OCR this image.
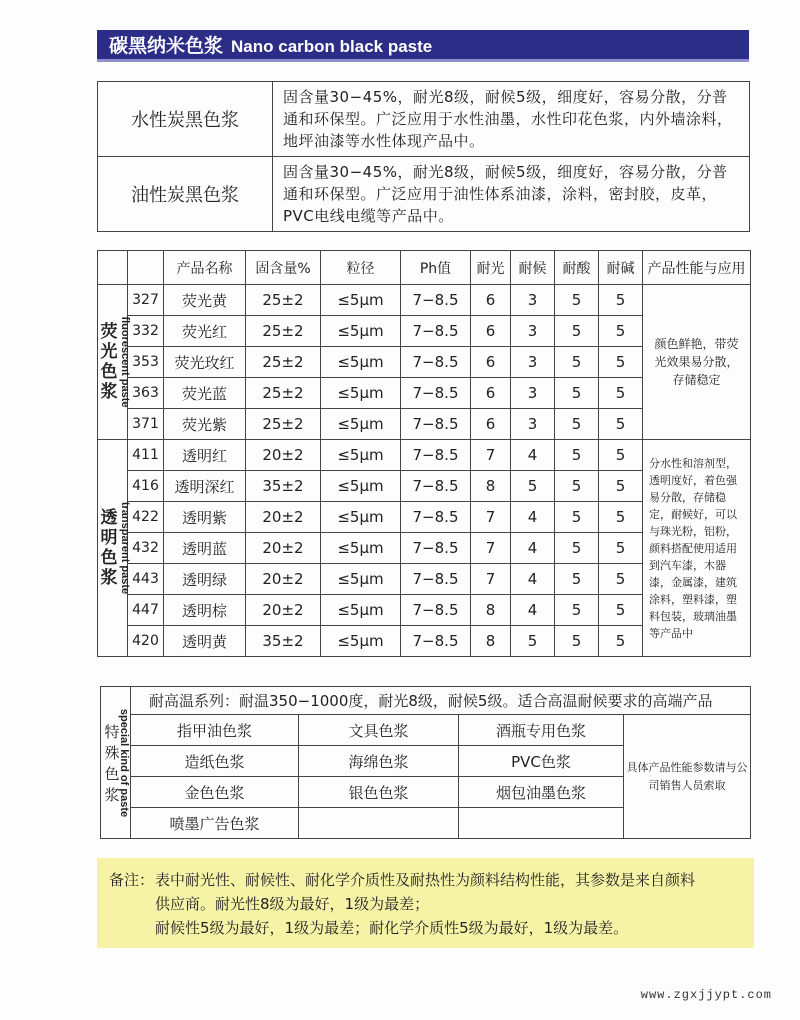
碳黑纳米色浆 Nano carbon black paste
水性炭黑色浆	固含量30−45%，耐光8级，耐候5级，细度好，容易分散，分普通和环保型。广泛应用于水性油墨，水性印花色浆，内外墙涂料，地坪油漆等水性体现产品中。
油性炭黑色浆	固含量30−45%，耐光8级，耐候5级，细度好，容易分散，分普通和环保型。广泛应用于油性体系油漆，涂料，密封胶，皮革，PVC电线电缆等产品中。
		产品名称	固含量%	粒径	Ph值	耐光	耐候	耐酸	耐碱	产品性能与应用

荧光色浆 fluorescent paste	327	荧光黄	25±2	≤5μm	7−8.5	6	3	5	5	颜色鲜艳，带荧光效果易分散，存储稳定
	332	荧光红	25±2	≤5μm	7−8.5	6	3	5	5	
	353	荧光玫红	25±2	≤5μm	7−8.5	6	3	5	5	
	363	荧光蓝	25±2	≤5μm	7−8.5	6	3	5	5	
	371	荧光紫	25±2	≤5μm	7−8.5	6	3	5	5	

透明色浆 transparent paste	411	透明红	20±2	≤5μm	7−8.5	7	4	5	5	分水性和溶剂型，透明度好，着色强易分散，存储稳定，耐候好，可以与珠光粉，铝粉，颜料搭配使用适用到汽车漆，木器漆，金属漆，建筑涂料，塑料漆，塑料包装，玻璃油墨等产品中
	416	透明深红	35±2	≤5μm	7−8.5	8	5	5	5	
	422	透明紫	20±2	≤5μm	7−8.5	7	4	5	5	
	432	透明蓝	20±2	≤5μm	7−8.5	7	4	5	5	
	443	透明绿	20±2	≤5μm	7−8.5	7	4	5	5	
	447	透明棕	20±2	≤5μm	7−8.5	8	4	5	5	
	420	透明黄	35±2	≤5μm	7−8.5	8	5	5	5	
特殊色浆
special kind of paste	耐高温系列：耐温350−1000度，耐光8级，耐候5级。适合高温耐候要求的高端产品			
	指甲油色浆	文具色浆	酒瓶专用色浆	具体产品性能参数请与公司销售人员索取
	造纸色浆	海绵色浆	PVC色浆	
	金色色浆	银色色浆	烟包油墨色浆	
	喷墨广告色浆			
备注：表中耐光性、耐候性、耐化学介质性及耐热性为颜料结构性能，其参数是来自颜料
供应商。耐光性8级为最好，1级为最差；
耐候性5级为最好，1级为最差；耐化学介质性5级为最好，1级为最差。
www.zgxjjypt.com
